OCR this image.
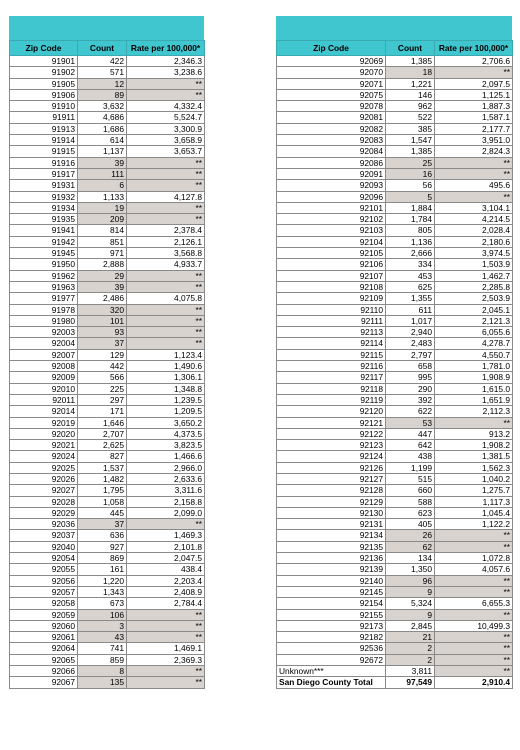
Zip Code	Count	Rate per 100,000*
91901	422	2,346.3
91902	571	3,238.6
91905	12	**
91906	89	**
91910	3,632	4,332.4
91911	4,686	5,524.7
91913	1,686	3,300.9
91914	614	3,658.9
91915	1,137	3,653.7
91916	39	**
91917	111	**
91931	6	**
91932	1,133	4,127.8
91934	19	**
91935	209	**
91941	814	2,378.4
91942	851	2,126.1
91945	971	3,568.8
91950	2,888	4,933.7
91962	29	**
91963	39	**
91977	2,486	4,075.8
91978	320	**
91980	101	**
92003	93	**
92004	37	**
92007	129	1,123.4
92008	442	1,490.6
92009	566	1,306.1
92010	225	1,348.8
92011	297	1,239.5
92014	171	1,209.5
92019	1,646	3,650.2
92020	2,707	4,373.5
92021	2,625	3,823.5
92024	827	1,466.6
92025	1,537	2,966.0
92026	1,482	2,633.6
92027	1,795	3,311.6
92028	1,058	2,158.8
92029	445	2,099.0
92036	37	**
92037	636	1,469.3
92040	927	2,101.8
92054	869	2,047.5
92055	161	438.4
92056	1,220	2,203.4
92057	1,343	2,408.9
92058	673	2,784.4
92059	106	**
92060	3	**
92061	43	**
92064	741	1,469.1
92065	859	2,369.3
92066	8	**
92067	135	**
Zip Code	Count	Rate per 100,000*
92069	1,385	2,706.6
92070	18	**
92071	1,221	2,097.5
92075	146	1,125.1
92078	962	1,887.3
92081	522	1,587.1
92082	385	2,177.7
92083	1,547	3,951.0
92084	1,385	2,824.3
92086	25	**
92091	16	**
92093	56	495.6
92096	5	**
92101	1,884	3,104.1
92102	1,784	4,214.5
92103	805	2,028.4
92104	1,136	2,180.6
92105	2,666	3,974.5
92106	334	1,503.9
92107	453	1,462.7
92108	625	2,285.8
92109	1,355	2,503.9
92110	611	2,045.1
92111	1,017	2,121.3
92113	2,940	6,055.6
92114	2,483	4,278.7
92115	2,797	4,550.7
92116	658	1,781.0
92117	995	1,908.9
92118	290	1,615.0
92119	392	1,651.9
92120	622	2,112.3
92121	53	**
92122	447	913.2
92123	642	1,908.2
92124	438	1,381.5
92126	1,199	1,562.3
92127	515	1,040.2
92128	660	1,275.7
92129	588	1,117.3
92130	623	1,045.4
92131	405	1,122.2
92134	26	**
92135	62	**
92136	134	1,072.8
92139	1,350	4,057.6
92140	96	**
92145	9	**
92154	5,324	6,655.3
92155	9	**
92173	2,845	10,499.3
92182	21	**
92536	2	**
92672	2	**
Unknown***	3,811	**
San Diego County Total	97,549	2,910.4
